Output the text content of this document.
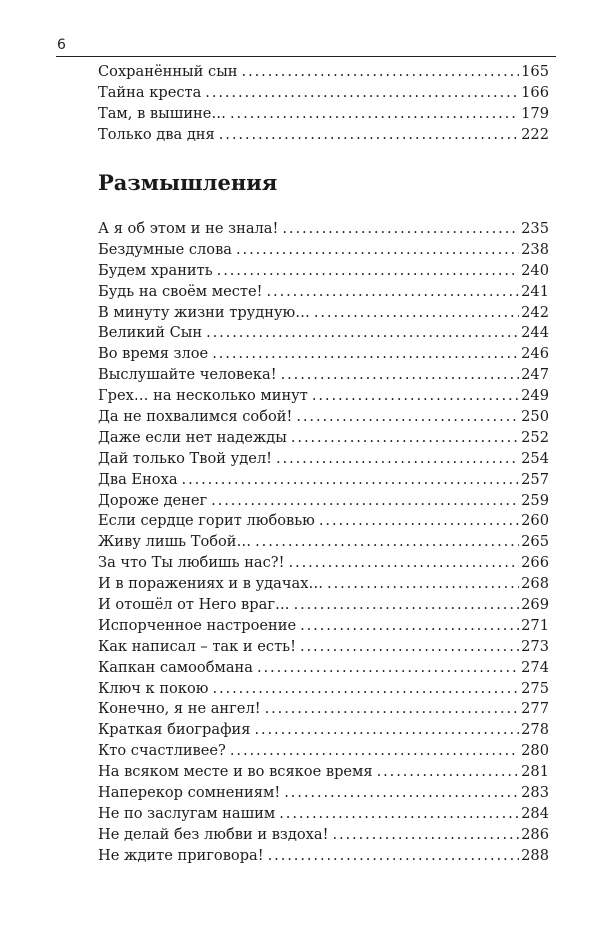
6
Сохранённый сын .....	165
Тайна креста .....	166
Там, в вышине… .....	179
Только два дня .....	222
Размышления
А я об этом и не знала! .....	235
Бездумные слова .....	238
Будем хранить .....	240
Будь на своём месте! .....	241
В минуту жизни трудную… .....	242
Великий Сын .....	244
Во время злое .....	246
Выслушайте человека! .....	247
Грех… на несколько минут .....	249
Да не похвалимся собой! .....	250
Даже если нет надежды .....	252
Дай только Твой удел! .....	254
Два Еноха .....	257
Дороже денег .....	259
Если сердце горит любовью .....	260
Живу лишь Тобой… .....	265
За что Ты любишь нас?! .....	266
И в поражениях и в удачах… .....	268
И отошёл от Него враг… .....	269
Испорченное настроение .....	271
Как написал – так и есть! .....	273
Капкан самообмана .....	274
Ключ к покою .....	275
Конечно, я не ангел! .....	277
Краткая биография .....	278
Кто счастливее? .....	280
На всяком месте и во всякое время .....	281
Наперекор сомнениям! .....	283
Не по заслугам нашим .....	284
Не делай без любви и вздоха! .....	286
Не ждите приговора! .....	288
